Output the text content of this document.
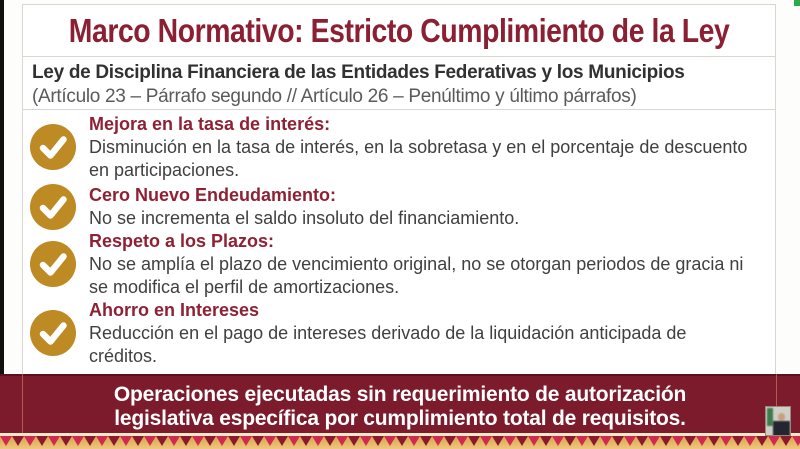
Marco Normativo: Estricto Cumplimiento de la Ley
Ley de Disciplina Financiera de las Entidades Federativas y los Municipios
(Artículo 23 – Párrafo segundo // Artículo 26 – Penúltimo y último párrafos)
Mejora en la tasa de interés:
Disminución en la tasa de interés, en la sobretasa y en el porcentaje de descuento en participaciones.
Cero Nuevo Endeudamiento:
No se incrementa el saldo insoluto del financiamiento.
Respeto a los Plazos:
No se amplía el plazo de vencimiento original, no se otorgan periodos de gracia ni se modifica el perfil de amortizaciones.
Ahorro en Intereses
Reducción en el pago de intereses derivado de la liquidación anticipada de créditos.
Operaciones ejecutadas sin requerimiento de autorización
legislativa específica por cumplimiento total de requisitos.
